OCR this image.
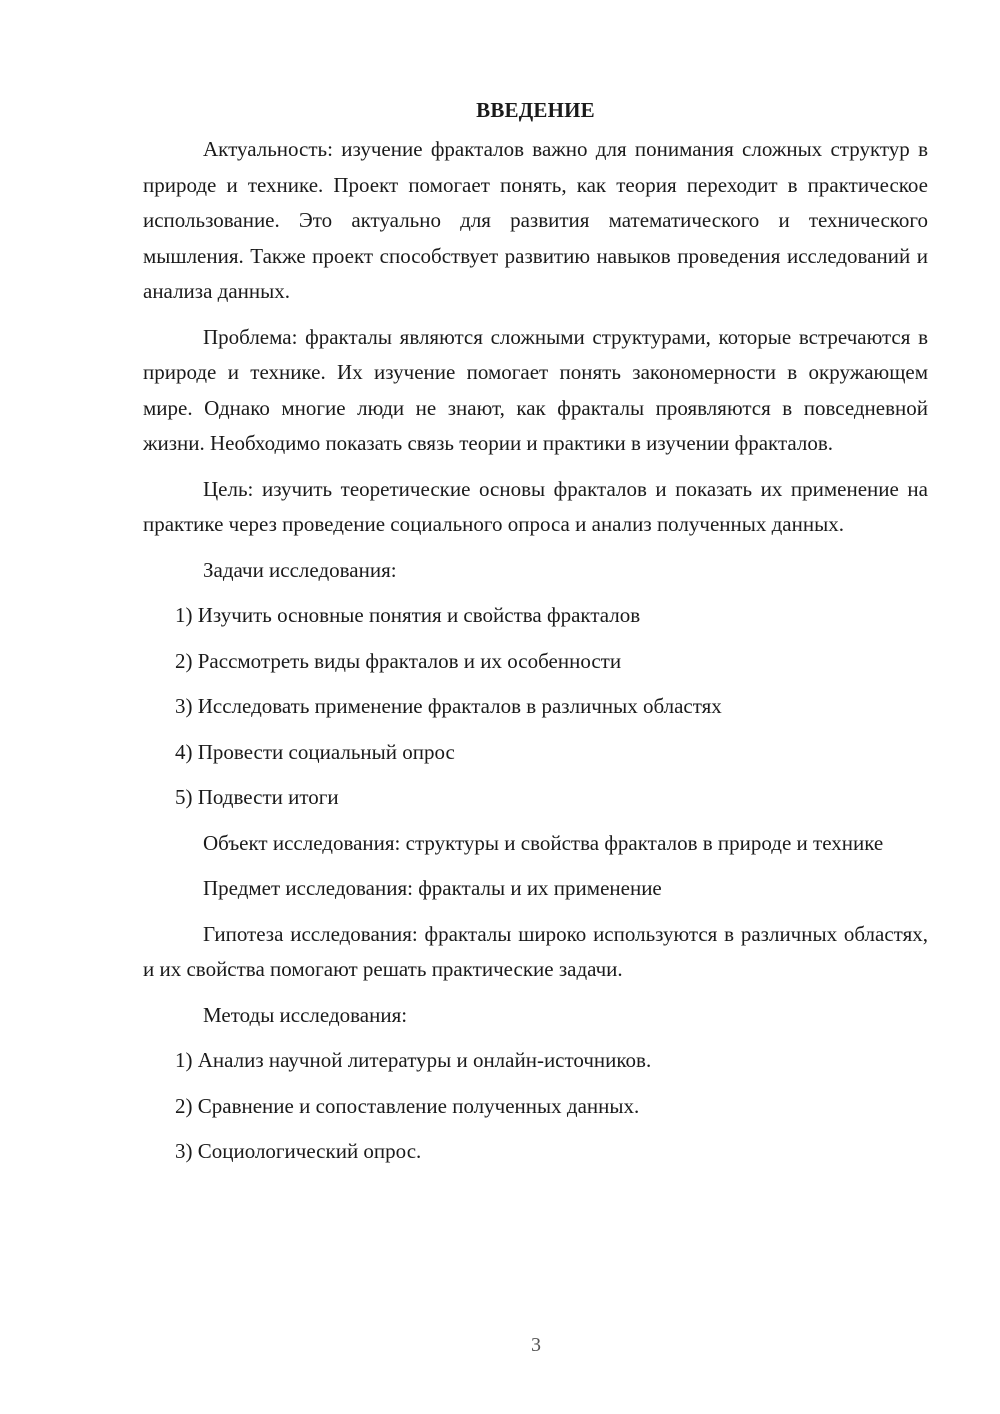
ВВЕДЕНИЕ

Актуальность: изучение фракталов важно для понимания сложных структур в природе и технике. Проект помогает понять, как теория переходит в практическое использование. Это актуально для развития математического и технического мышления. Также проект способствует развитию навыков проведения исследований и анализа данных.

Проблема: фракталы являются сложными структурами, которые встречаются в природе и технике. Их изучение помогает понять закономерности в окружающем мире. Однако многие люди не знают, как фракталы проявляются в повседневной жизни. Необходимо показать связь теории и практики в изучении фракталов.

Цель: изучить теоретические основы фракталов и показать их применение на практике через проведение социального опроса и анализ полученных данных.

Задачи исследования:

1) Изучить основные понятия и свойства фракталов

2) Рассмотреть виды фракталов и их особенности

3) Исследовать применение фракталов в различных областях

4) Провести социальный опрос

5) Подвести итоги

Объект исследования: структуры и свойства фракталов в природе и технике

Предмет исследования: фракталы и их применение

Гипотеза исследования: фракталы широко используются в различных областях, и их свойства помогают решать практические задачи.

Методы исследования:

1) Анализ научной литературы и онлайн-источников.

2) Сравнение и сопоставление полученных данных.

3) Социологический опрос.

3
